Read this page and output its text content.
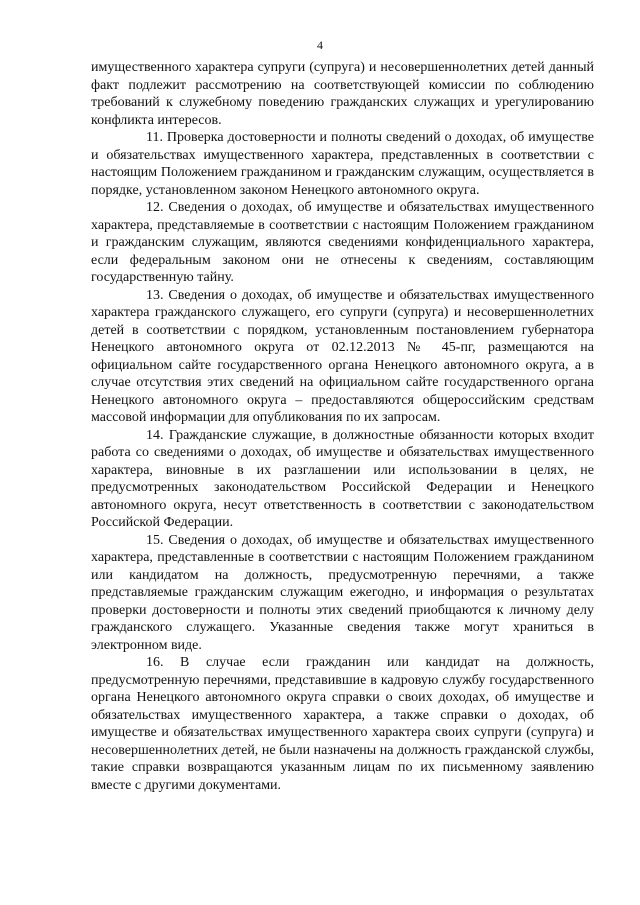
4

имущественного характера супруги (супруга) и несовершеннолетних детей данный факт подлежит рассмотрению на соответствующей комиссии по соблюдению требований к служебному поведению гражданских служащих и урегулированию конфликта интересов.

11. Проверка достоверности и полноты сведений о доходах, об имуществе и обязательствах имущественного характера, представленных в соответствии с настоящим Положением гражданином и гражданским служащим, осуществляется в порядке, установленном законом Ненецкого автономного округа.

12. Сведения о доходах, об имуществе и обязательствах имущественного характера, представляемые в соответствии с настоящим Положением гражданином и гражданским служащим, являются сведениями конфиденциального характера, если федеральным законом они не отнесены к сведениям, составляющим государственную тайну.

13. Сведения о доходах, об имуществе и обязательствах имущественного характера гражданского служащего, его супруги (супруга) и несовершеннолетних детей в соответствии с порядком, установленным постановлением губернатора Ненецкого автономного округа от 02.12.2013 № 45-пг, размещаются на официальном сайте государственного органа Ненецкого автономного округа, а в случае отсутствия этих сведений на официальном сайте государственного органа Ненецкого автономного округа – предоставляются общероссийским средствам массовой информации для опубликования по их запросам.

14. Гражданские служащие, в должностные обязанности которых входит работа со сведениями о доходах, об имуществе и обязательствах имущественного характера, виновные в их разглашении или использовании в целях, не предусмотренных законодательством Российской Федерации и Ненецкого автономного округа, несут ответственность в соответствии с законодательством Российской Федерации.

15. Сведения о доходах, об имуществе и обязательствах имущественного характера, представленные в соответствии с настоящим Положением гражданином или кандидатом на должность, предусмотренную перечнями, а также представляемые гражданским служащим ежегодно, и информация о результатах проверки достоверности и полноты этих сведений приобщаются к личному делу гражданского служащего. Указанные сведения также могут храниться в электронном виде.

16. В случае если гражданин или кандидат на должность, предусмотренную перечнями, представившие в кадровую службу государственного органа Ненецкого автономного округа справки о своих доходах, об имуществе и обязательствах имущественного характера, а также справки о доходах, об имуществе и обязательствах имущественного характера своих супруги (супруга) и несовершеннолетних детей, не были назначены на должность гражданской службы, такие справки возвращаются указанным лицам по их письменному заявлению вместе с другими документами.
